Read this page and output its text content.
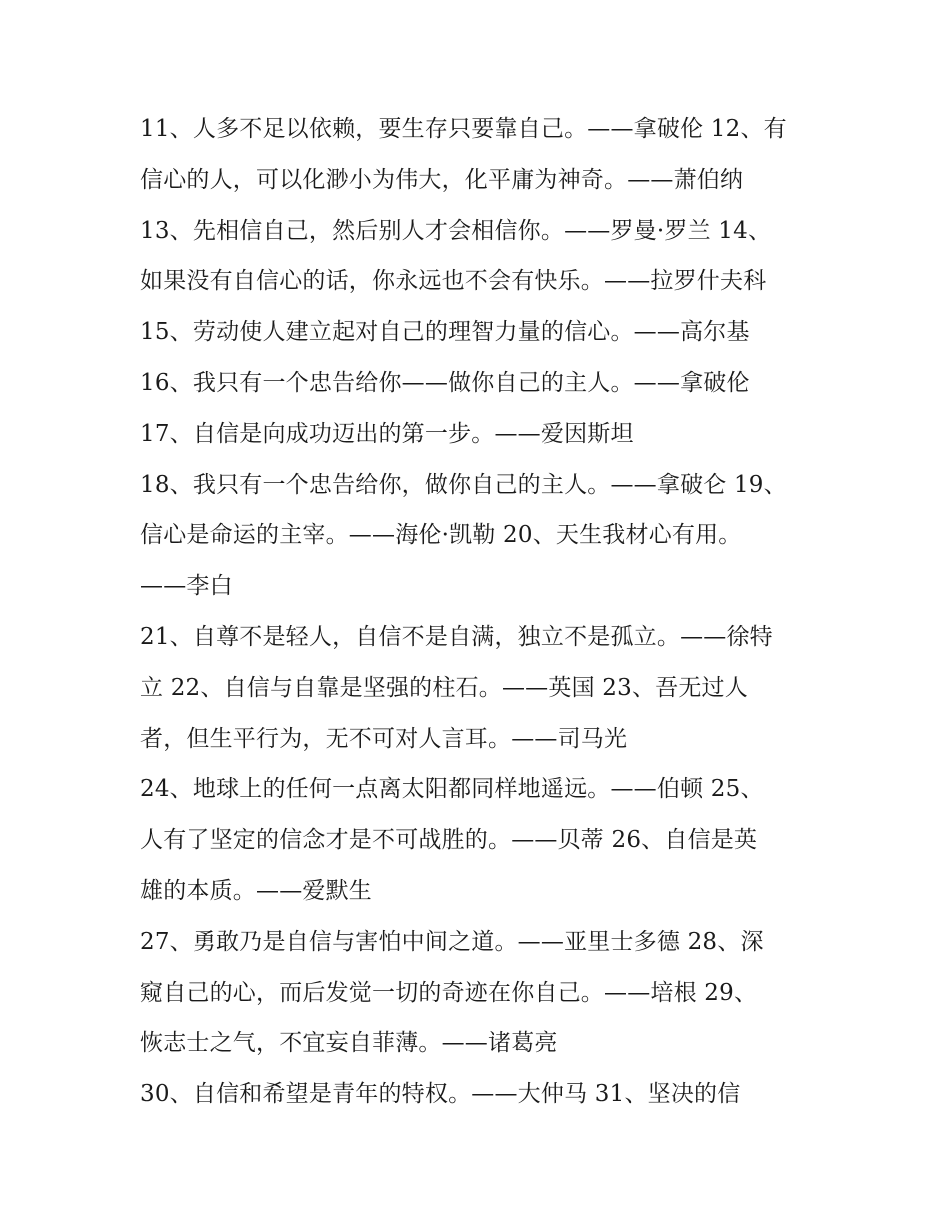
11、人多不足以依赖，要生存只要靠自己。——拿破伦 12、有
信心的人，可以化渺小为伟大，化平庸为神奇。——萧伯纳
13、先相信自己，然后别人才会相信你。——罗曼·罗兰 14、
如果没有自信心的话，你永远也不会有快乐。——拉罗什夫科
15、劳动使人建立起对自己的理智力量的信心。——高尔基
16、我只有一个忠告给你——做你自己的主人。——拿破伦
17、自信是向成功迈出的第一步。——爱因斯坦
18、我只有一个忠告给你，做你自己的主人。——拿破仑 19、
信心是命运的主宰。——海伦·凯勒 20、天生我材心有用。
——李白
21、自尊不是轻人，自信不是自满，独立不是孤立。——徐特
立 22、自信与自靠是坚强的柱石。——英国 23、吾无过人
者，但生平行为，无不可对人言耳。——司马光
24、地球上的任何一点离太阳都同样地遥远。——伯顿 25、
人有了坚定的信念才是不可战胜的。——贝蒂 26、自信是英
雄的本质。——爱默生
27、勇敢乃是自信与害怕中间之道。——亚里士多德 28、深
窥自己的心，而后发觉一切的奇迹在你自己。——培根 29、
恢志士之气，不宜妄自菲薄。——诸葛亮
30、自信和希望是青年的特权。——大仲马 31、坚决的信
